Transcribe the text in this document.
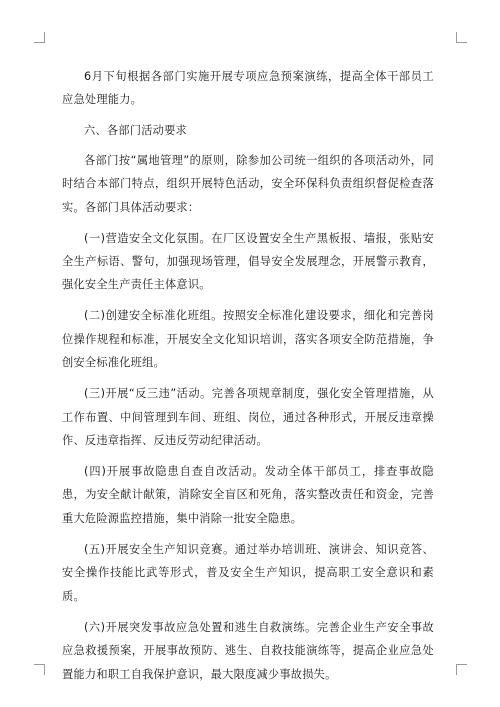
6月下旬根据各部门实施开展专项应急预案演练，提高全体干部员工应急处理能力。

六、各部门活动要求

各部门按“属地管理”的原则，除参加公司统一组织的各项活动外，同时结合本部门特点，组织开展特色活动，安全环保科负责组织督促检查落实。各部门具体活动要求：

(一)营造安全文化氛围。在厂区设置安全生产黑板报、墙报，张贴安全生产标语、警句，加强现场管理，倡导安全发展理念，开展警示教育，强化安全生产责任主体意识。

(二)创建安全标准化班组。按照安全标准化建设要求，细化和完善岗位操作规程和标准，开展安全文化知识培训，落实各项安全防范措施，争创安全标准化班组。

(三)开展“反三违”活动。完善各项规章制度，强化安全管理措施，从工作布置、中间管理到车间、班组、岗位，通过各种形式，开展反违章操作、反违章指挥、反违反劳动纪律活动。

(四)开展事故隐患自查自改活动。发动全体干部员工，排查事故隐患，为安全献计献策，消除安全盲区和死角，落实整改责任和资金，完善重大危险源监控措施，集中消除一批安全隐患。

(五)开展安全生产知识竞赛。通过举办培训班、演讲会、知识竞答、安全操作技能比武等形式，普及安全生产知识，提高职工安全意识和素质。

(六)开展突发事故应急处置和逃生自救演练。完善企业生产安全事故应急救援预案，开展事故预防、逃生、自救技能演练等，提高企业应急处置能力和职工自我保护意识，最大限度减少事故损失。
